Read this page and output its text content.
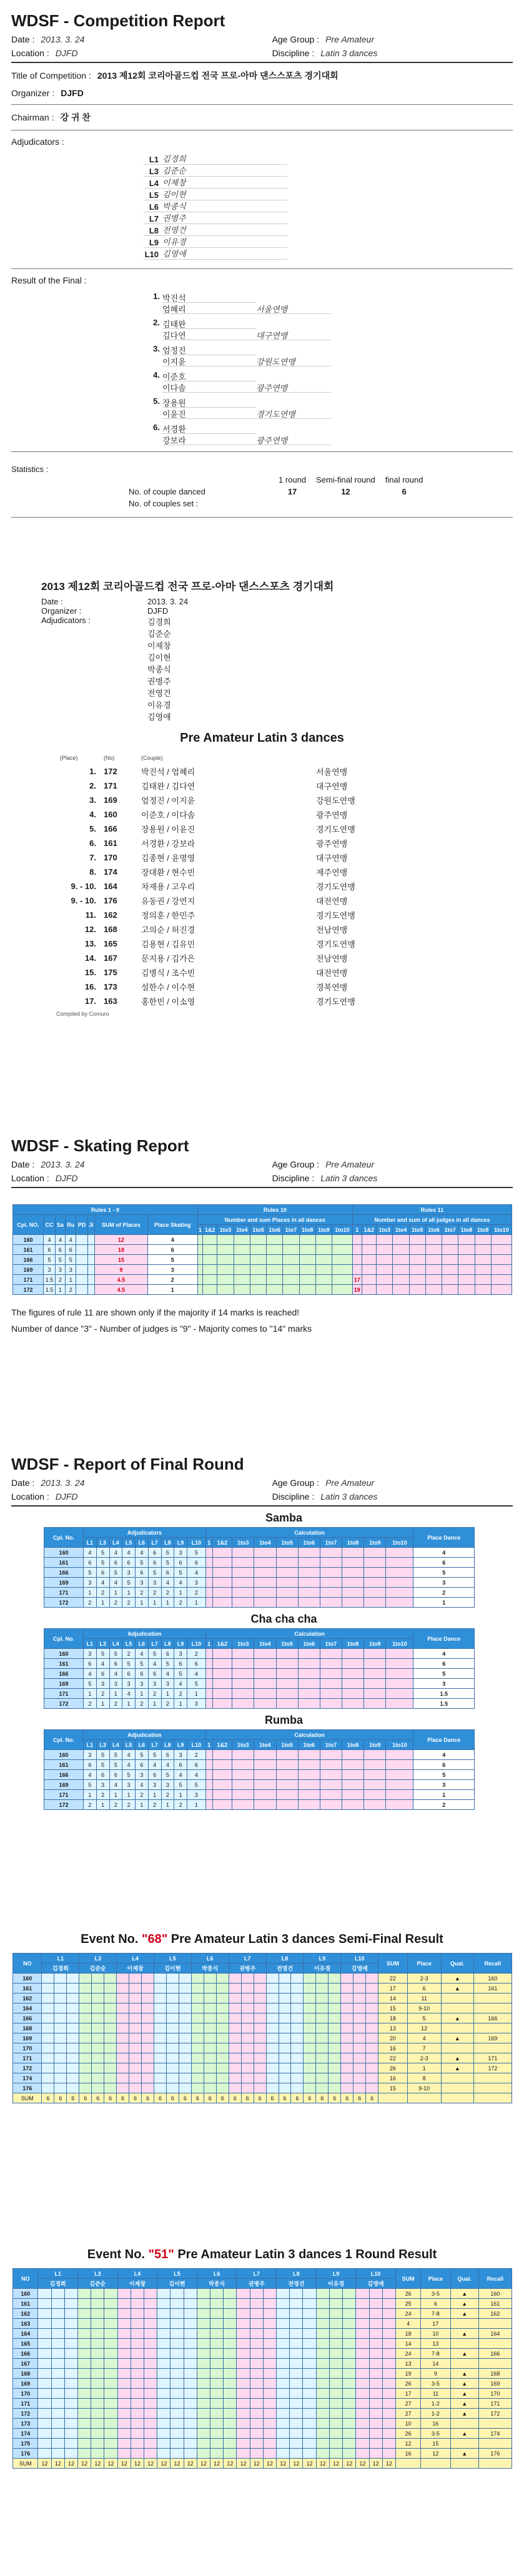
WDSF - Competition Report
Date : 2013. 3. 24	Age Group : Pre Amateur
Location : DJFD	Discipline : Latin 3 dances
Title of Competition : 2013 제12회 코리아골드컵 전국 프로-아마 댄스스포츠 경기대회
Organizer : DJFD
Chairman : 강 귀 찬
Adjudicators :
L1 김경희
L3 김준순
L4 이제창
L5 김이현
L6 박종식
L7 권병주
L8 전영건
L9 이유경
L10 김영애
Result of the Final :
1. 박진석
엄혜리	서울연맹
2. 김태완
김다연	대구연맹
3. 엄정진
이지윤	강원도연맹
4. 이준호
이다솜	광주연맹
5. 장용원
이윤진	경기도연맹
6. 서경환
강보라	광주연맹
Statistics :
	1 round	Semi-final round	final round
No. of couple danced	17	12	6
No. of couples set :			
2013 제12회 코리아골드컵 전국 프로-아마 댄스스포츠 경기대회
Date :	2013. 3. 24
Organizer :	DJFD
Adjudicators :	김경희
김준순
이제창
김이현
박종식
권병주
전영건
이유경
김영애
Pre Amateur Latin 3 dances
(Place)	(No)	(Couple)	
1.	172	박진석 / 엄혜리	서울연맹
2.	171	김태완 / 김다연	대구연맹
3.	169	엄정진 / 이지윤	강원도연맹
4.	160	이준호 / 이다솜	광주연맹
5.	166	장용원 / 이윤진	경기도연맹
6.	161	서경환 / 강보라	광주연맹
7.	170	김종현 / 윤명영	대구연맹
8.	174	장대환 / 현수빈	제주연맹
9. - 10.	164	차재용 / 고우리	경기도연맹
9. - 10.	176	유동권 / 강연지	대전연맹
11.	162	정의훈 / 한민주	경기도연맹
12.	168	고의순 / 허진경	전남연맹
13.	165	김용현 / 김유민	경기도연맹
14.	167	문지용 / 김가은	전남연맹
15.	175	김병식 / 조수빈	대전연맹
16.	173	설한수 / 이수현	경북연맹
17.	163	홍한빈 / 이소영	경기도연맹
Compiled by Comuro
WDSF - Skating Report
Date : 2013. 3. 24	Age Group : Pre Amateur
Location : DJFD	Discipline : Latin 3 dances
Rules 1 - 9								Rules 10										Rules 11									
Cpl. NO.	CC	Sa	Ru	PD	Ji	SUM of Places	Place Skating	Number and sum Places in all dances										Number and sum of all judges in all dances									
								1	1&2	1to3	1to4	1to5	1to6	1to7	1to8	1to9	1to10	1	1&2	1to3	1to4	1to5	1to6	1to7	1to8	1to9	1to10
160	4	4	4			12	4																				
161	6	6	6			18	6																				
166	5	5	5			15	5																				
169	3	3	3			9	3																				
171	1.5	2	1			4.5	2											17									
172	1.5	1	2			4.5	1											19									
The figures of rule 11 are shown only if the majority if 14 marks is reached!
Number of dance "3" - Number of judges is "9" - Majority comes to "14" marks
WDSF - Report of Final Round
Date : 2013. 3. 24	Age Group : Pre Amateur
Location : DJFD	Discipline : Latin 3 dances
Samba
Cpl. No.	Adjudicators									Calculation										Place Dance
	L1	L3	L4	L5	L6	L7	L8	L9	L10	1	1&2	1to3	1to4	1to5	1to6	1to7	1to8	1to9	1to10	
160	4	5	4	4	4	6	5	3	5											4
161	6	5	6	6	5	6	5	6	6											6
166	5	6	5	3	6	5	6	5	4											5
169	3	4	4	5	3	3	4	4	3											3
171	1	2	1	1	2	2	2	1	2											2
172	2	1	2	2	1	1	1	2	1											1
Cha cha cha
Cpl. No.	Adjudication									Calculation										Place Dance
	L1	L3	L4	L5	L6	L7	L8	L9	L10	1	1&2	1to3	1to4	1to5	1to6	1to7	1to8	1to9	1to10	
160	3	5	5	2	4	5	6	3	2											4
161	6	4	6	5	5	4	5	6	6											6
166	4	6	4	6	6	6	4	5	4											5
169	5	3	3	3	3	3	3	4	5											3
171	1	2	1	4	1	2	1	2	1											1.5
172	2	1	2	1	2	1	2	1	3											1.5
Rumba
Cpl. No.	Adjudication									Calculation										Place Dance
	L1	L3	L4	L5	L6	L7	L8	L9	L10	1	1&2	1to3	1to4	1to5	1to6	1to7	1to8	1to9	1to10	
160	3	5	5	4	5	5	6	3	2											4
161	6	5	5	4	6	4	4	6	6											6
166	4	6	6	5	3	6	5	4	4											5
169	5	3	4	3	4	3	3	5	5											3
171	1	2	1	1	2	1	2	1	3											1
172	2	1	2	2	1	2	1	2	1											2
Event No. "68" Pre Amateur Latin 3 dances Semi-Final Result
NO	L1			L3			L4			L5			L6			L7			L8			L9			L10			SUM	Place	Qual.	Recall
	김경희			김준순			이제창			김이현			박종식			권병주			전영건			이유경			김영애						
160																												22	2-3	▲	160
161																												17	6	▲	161
162																												14	11		
164																												15	9-10		
166																												18	5	▲	166
168																												13	12		
169																												20	4	▲	169
170																												16	7		
171																												22	2-3	▲	171
172																												26	1	▲	172
174																												16	8		
176																												15	9-10		
SUM	6	6	6	6	6	6	6	6	6	6	6	6	6	6	6	6	6	6	6	6	6	6	6	6	6	6	6				
Event No. "51" Pre Amateur Latin 3 dances 1 Round Result
NO	L1			L3			L4			L5			L6			L7			L8			L9			L10			SUM	Place	Qual.	Recall
	김경희			김준순			이제창			김이현			박종식			권병주			전영건			이유경			김영애						
160																												26	3-5	▲	160
161																												25	6	▲	161
162																												24	7-8	▲	162
163																												4	17		
164																												18	10	▲	164
165																												14	13		
166																												24	7-8	▲	166
167																												13	14		
168																												19	9	▲	168
169																												26	3-5	▲	169
170																												17	11	▲	170
171																												27	1-2	▲	171
172																												27	1-2	▲	172
173																												10	16		
174																												26	3-5	▲	174
175																												12	15		
176																												16	12	▲	176
SUM	12	12	12	12	12	12	12	12	12	12	12	12	12	12	12	12	12	12	12	12	12	12	12	12	12	12	12				
